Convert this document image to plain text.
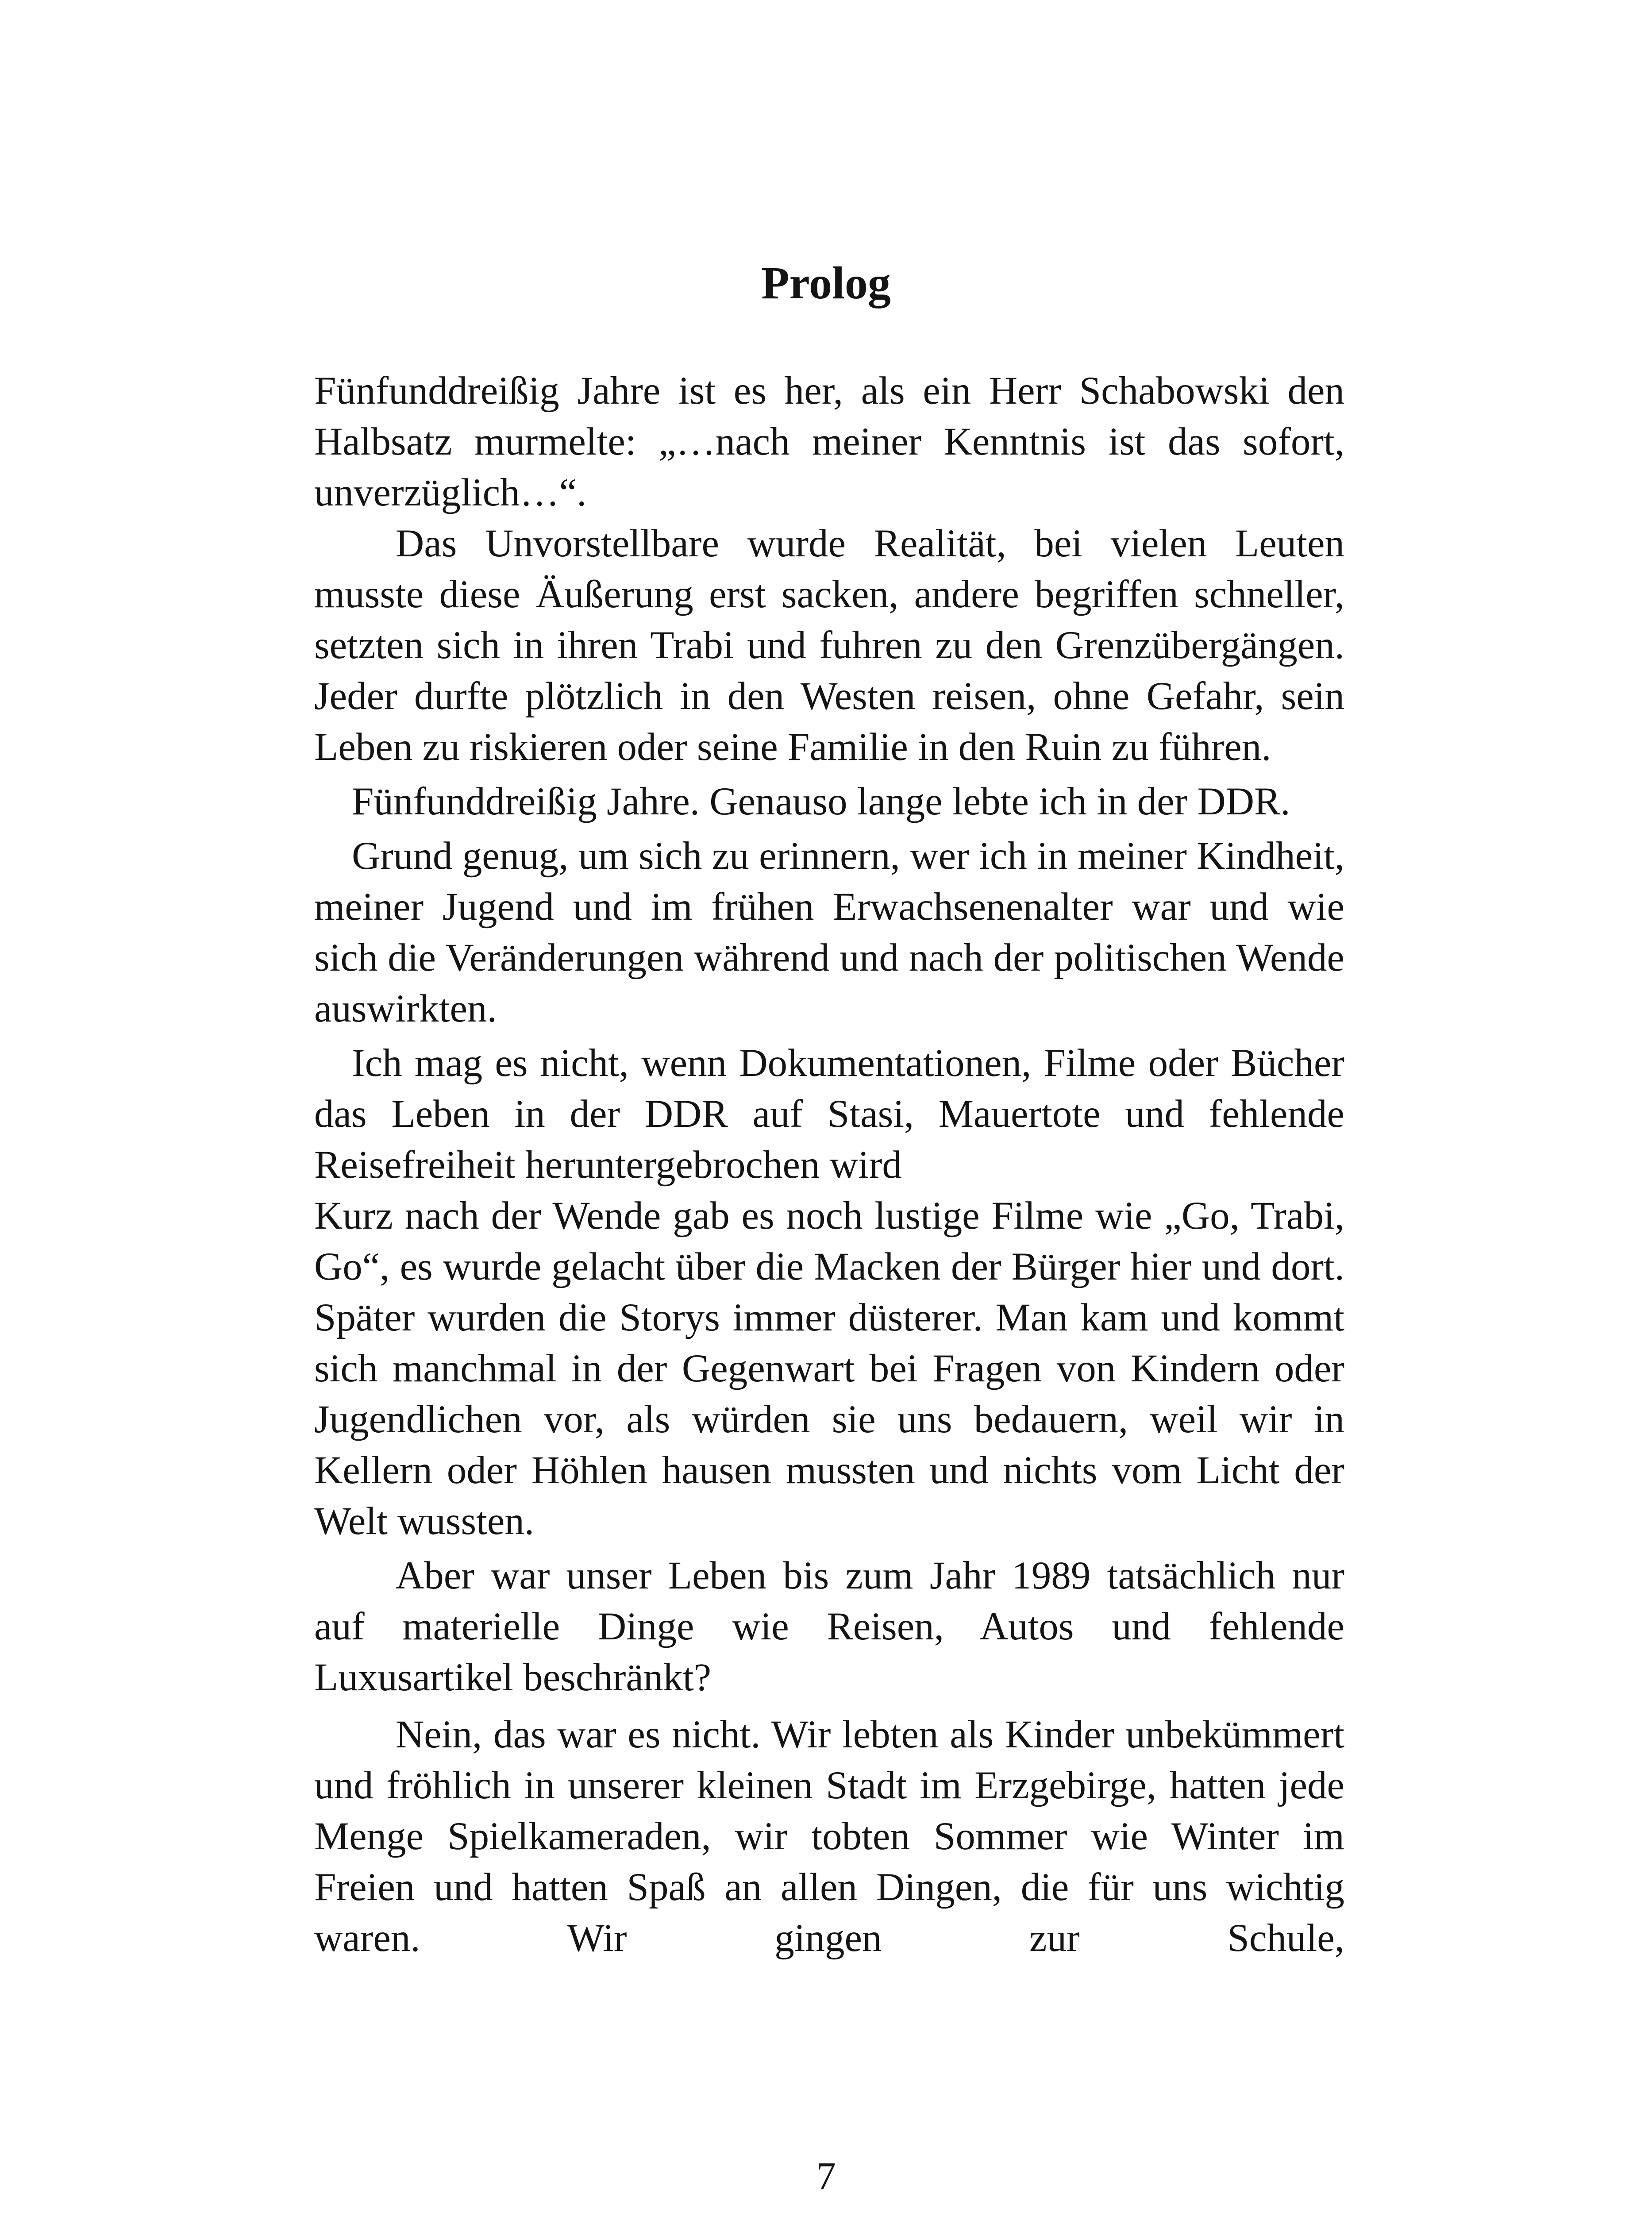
Prolog

Fünfunddreißig Jahre ist es her, als ein Herr Schabowski den Halbsatz murmelte: „…nach meiner Kenntnis ist das sofort, unverzüglich…“.

Das Unvorstellbare wurde Realität, bei vielen Leuten musste diese Äußerung erst sacken, andere begriffen schneller, setzten sich in ihren Trabi und fuhren zu den Grenzübergängen. Jeder durfte plötzlich in den Westen reisen, ohne Gefahr, sein Leben zu riskieren oder seine Familie in den Ruin zu führen.

Fünfunddreißig Jahre. Genauso lange lebte ich in der DDR.

Grund genug, um sich zu erinnern, wer ich in meiner Kindheit, meiner Jugend und im frühen Erwachsenenalter war und wie sich die Veränderungen während und nach der politischen Wende auswirkten.

Ich mag es nicht, wenn Dokumentationen, Filme oder Bücher das Leben in der DDR auf Stasi, Mauertote und fehlende Reisefreiheit heruntergebrochen wird

Kurz nach der Wende gab es noch lustige Filme wie „Go, Trabi, Go“, es wurde gelacht über die Macken der Bürger hier und dort. Später wurden die Storys immer düsterer. Man kam und kommt sich manchmal in der Gegenwart bei Fragen von Kindern oder Jugendlichen vor, als würden sie uns bedauern, weil wir in Kellern oder Höhlen hausen mussten und nichts vom Licht der Welt wussten.

Aber war unser Leben bis zum Jahr 1989 tatsächlich nur auf materielle Dinge wie Reisen, Autos und fehlende Luxusartikel beschränkt?

Nein, das war es nicht. Wir lebten als Kinder unbekümmert und fröhlich in unserer kleinen Stadt im Erzgebirge, hatten jede Menge Spielkameraden, wir tobten Sommer wie Winter im Freien und hatten Spaß an allen Dingen, die für uns wichtig waren. Wir gingen zur Schule,

7
